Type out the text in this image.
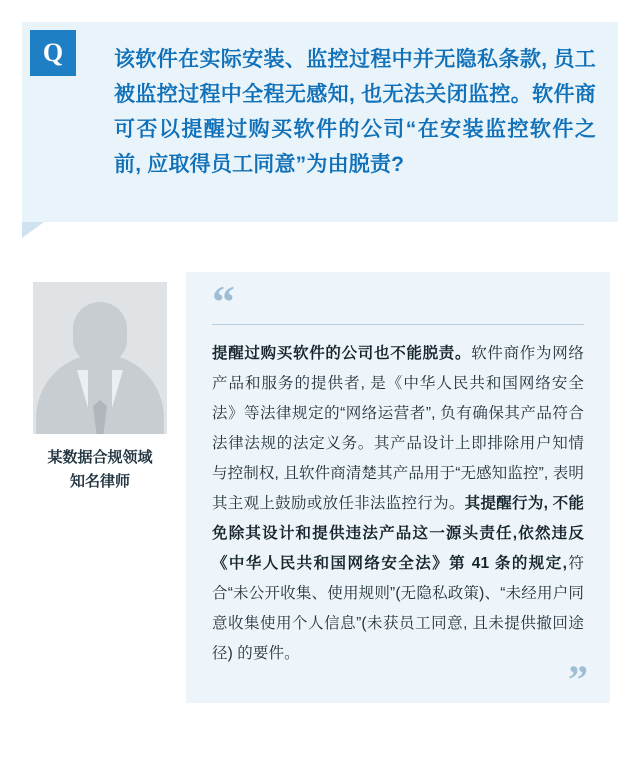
该软件在实际安装、监控过程中并无隐私条款, 员工被监控过程中全程无感知, 也无法关闭监控。软件商可否以提醒过购买软件的公司“在安装监控软件之前, 应取得员工同意”为由脱责?
Q
某数据合规领域
知名律师
“
提醒过购买软件的公司也不能脱责。软件商作为网络产品和服务的提供者, 是《中华人民共和国网络安全法》等法律规定的“网络运营者”, 负有确保其产品符合法律法规的法定义务。其产品设计上即排除用户知情与控制权, 且软件商清楚其产品用于“无感知监控”, 表明其主观上鼓励或放任非法监控行为。其提醒行为, 不能免除其设计和提供违法产品这一源头责任,依然违反《中华人民共和国网络安全法》第 41 条的规定,符合“未公开收集、使用规则”(无隐私政策)、“未经用户同意收集使用个人信息”(未获员工同意, 且未提供撤回途径) 的要件。
”
